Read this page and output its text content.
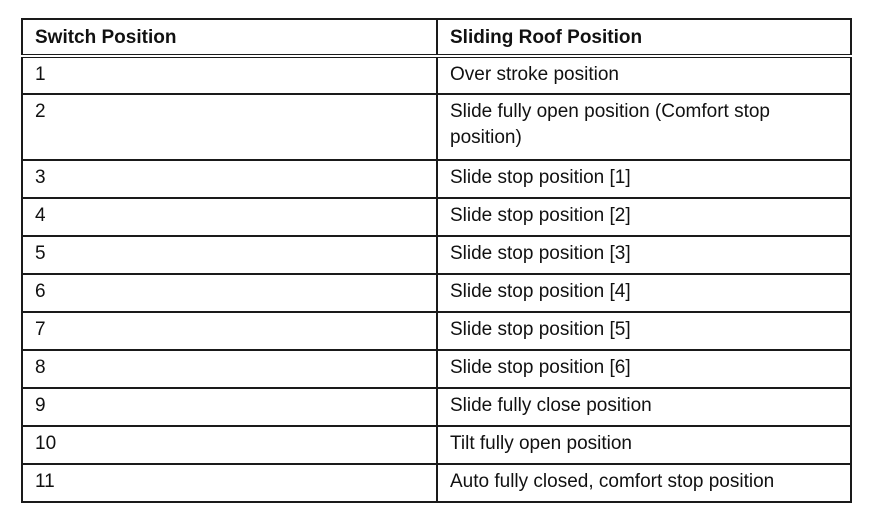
Switch Position	Sliding Roof Position
1	Over stroke position
2	Slide fully open position (Comfort stop position)
3	Slide stop position [1]
4	Slide stop position [2]
5	Slide stop position [3]
6	Slide stop position [4]
7	Slide stop position [5]
8	Slide stop position [6]
9	Slide fully close position
10	Tilt fully open position
11	Auto fully closed, comfort stop position
